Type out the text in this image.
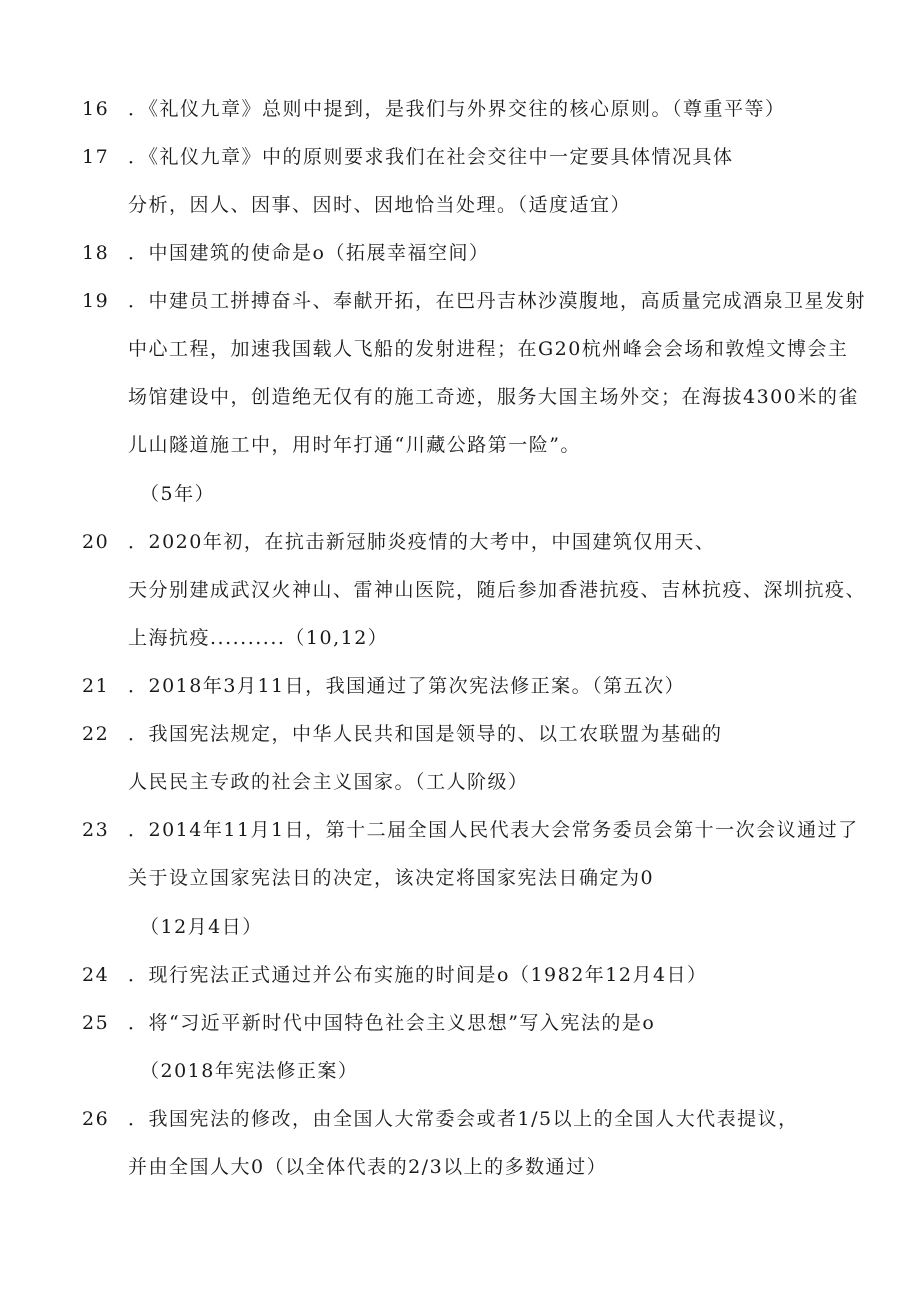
16 ．《礼仪九章》总则中提到，是我们与外界交往的核心原则。（尊重平等）
17 ．《礼仪九章》中的原则要求我们在社会交往中一定要具体情况具体
分析，因人、因事、因时、因地恰当处理。（适度适宜）
18 ．中国建筑的使命是ο（拓展幸福空间）
19 ．中建员工拼搏奋斗、奉献开拓，在巴丹吉林沙漠腹地，高质量完成酒泉卫星发射
中心工程，加速我国载人飞船的发射进程；在G20杭州峰会会场和敦煌文博会主
场馆建设中，创造绝无仅有的施工奇迹，服务大国主场外交；在海拔4300米的雀
儿山隧道施工中，用时年打通“川藏公路第一险”。
（5年）
20 ．2020年初，在抗击新冠肺炎疫情的大考中，中国建筑仅用天、
天分别建成武汉火神山、雷神山医院，随后参加香港抗疫、吉林抗疫、深圳抗疫、
上海抗疫..........（10,12）
21 ．2018年3月11日，我国通过了第次宪法修正案。（第五次）
22 ．我国宪法规定，中华人民共和国是领导的、以工农联盟为基础的
人民民主专政的社会主义国家。（工人阶级）
23 ．2014年11月1日，第十二届全国人民代表大会常务委员会第十一次会议通过了
关于设立国家宪法日的决定，该决定将国家宪法日确定为0
（12月4日）
24 ．现行宪法正式通过并公布实施的时间是ο（1982年12月4日）
25 ．将“习近平新时代中国特色社会主义思想”写入宪法的是ο
（2018年宪法修正案）
26 ．我国宪法的修改，由全国人大常委会或者1/5以上的全国人大代表提议，
并由全国人大0（以全体代表的2/3以上的多数通过）
